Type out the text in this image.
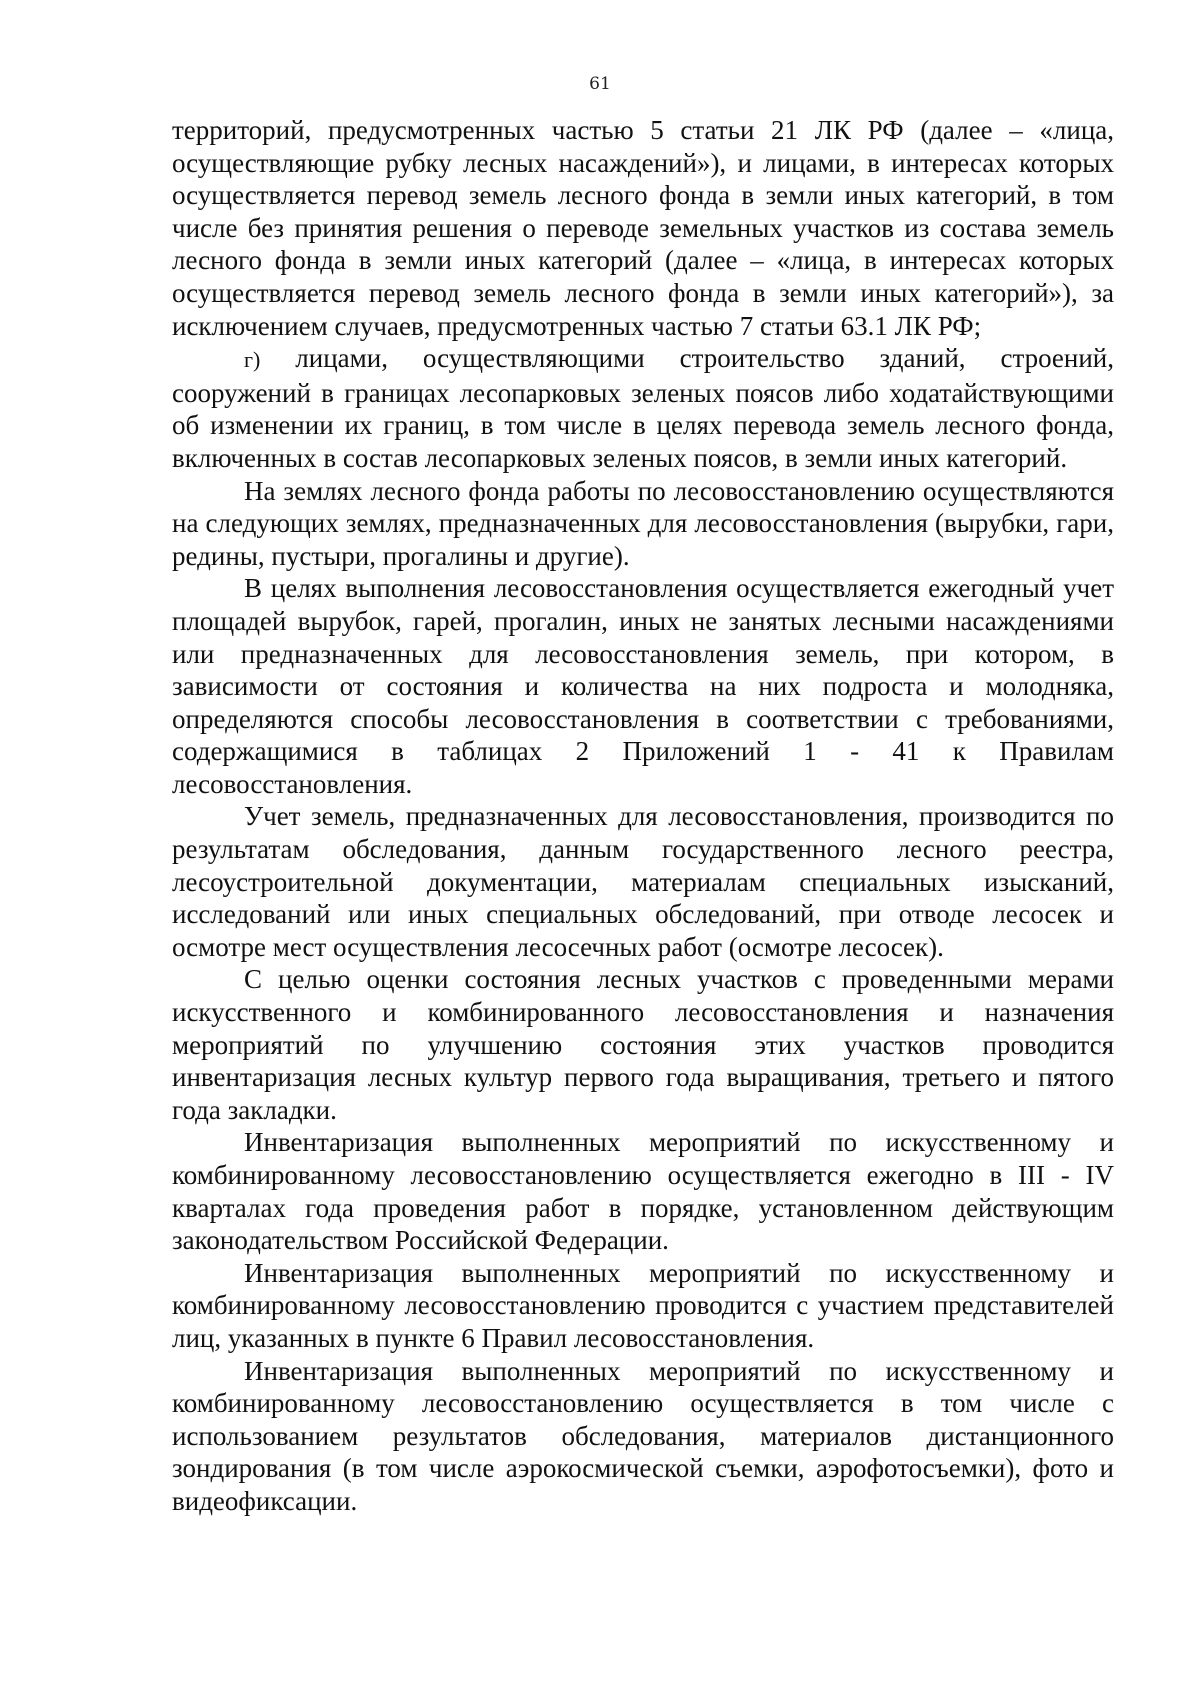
61

территорий, предусмотренных частью 5 статьи 21 ЛК РФ (далее – «лица, осуществляющие рубку лесных насаждений»), и лицами, в интересах которых осуществляется перевод земель лесного фонда в земли иных категорий, в том числе без принятия решения о переводе земельных участков из состава земель лесного фонда в земли иных категорий (далее – «лица, в интересах которых осуществляется перевод земель лесного фонда в земли иных категорий»), за исключением случаев, предусмотренных частью 7 статьи 63.1 ЛК РФ;

г) лицами, осуществляющими строительство зданий, строений, сооружений в границах лесопарковых зеленых поясов либо ходатайствующими об изменении их границ, в том числе в целях перевода земель лесного фонда, включенных в состав лесопарковых зеленых поясов, в земли иных категорий.

На землях лесного фонда работы по лесовосстановлению осуществляются на следующих землях, предназначенных для лесовосстановления (вырубки, гари, редины, пустыри, прогалины и другие).

В целях выполнения лесовосстановления осуществляется ежегодный учет площадей вырубок, гарей, прогалин, иных не занятых лесными насаждениями или предназначенных для лесовосстановления земель, при котором, в зависимости от состояния и количества на них подроста и молодняка, определяются способы лесовосстановления в соответствии с требованиями, содержащимися в таблицах 2 Приложений 1 - 41 к Правилам лесовосстановления.

Учет земель, предназначенных для лесовосстановления, производится по результатам обследования, данным государственного лесного реестра, лесоустроительной документации, материалам специальных изысканий, исследований или иных специальных обследований, при отводе лесосек и осмотре мест осуществления лесосечных работ (осмотре лесосек).

С целью оценки состояния лесных участков с проведенными мерами искусственного и комбинированного лесовосстановления и назначения мероприятий по улучшению состояния этих участков проводится инвентаризация лесных культур первого года выращивания, третьего и пятого года закладки.

Инвентаризация выполненных мероприятий по искусственному и комбинированному лесовосстановлению осуществляется ежегодно в III - IV кварталах года проведения работ в порядке, установленном действующим законодательством Российской Федерации.

Инвентаризация выполненных мероприятий по искусственному и комбинированному лесовосстановлению проводится с участием представителей лиц, указанных в пункте 6 Правил лесовосстановления.

Инвентаризация выполненных мероприятий по искусственному и комбинированному лесовосстановлению осуществляется в том числе с использованием результатов обследования, материалов дистанционного зондирования (в том числе аэрокосмической съемки, аэрофотосъемки), фото и видеофиксации.
